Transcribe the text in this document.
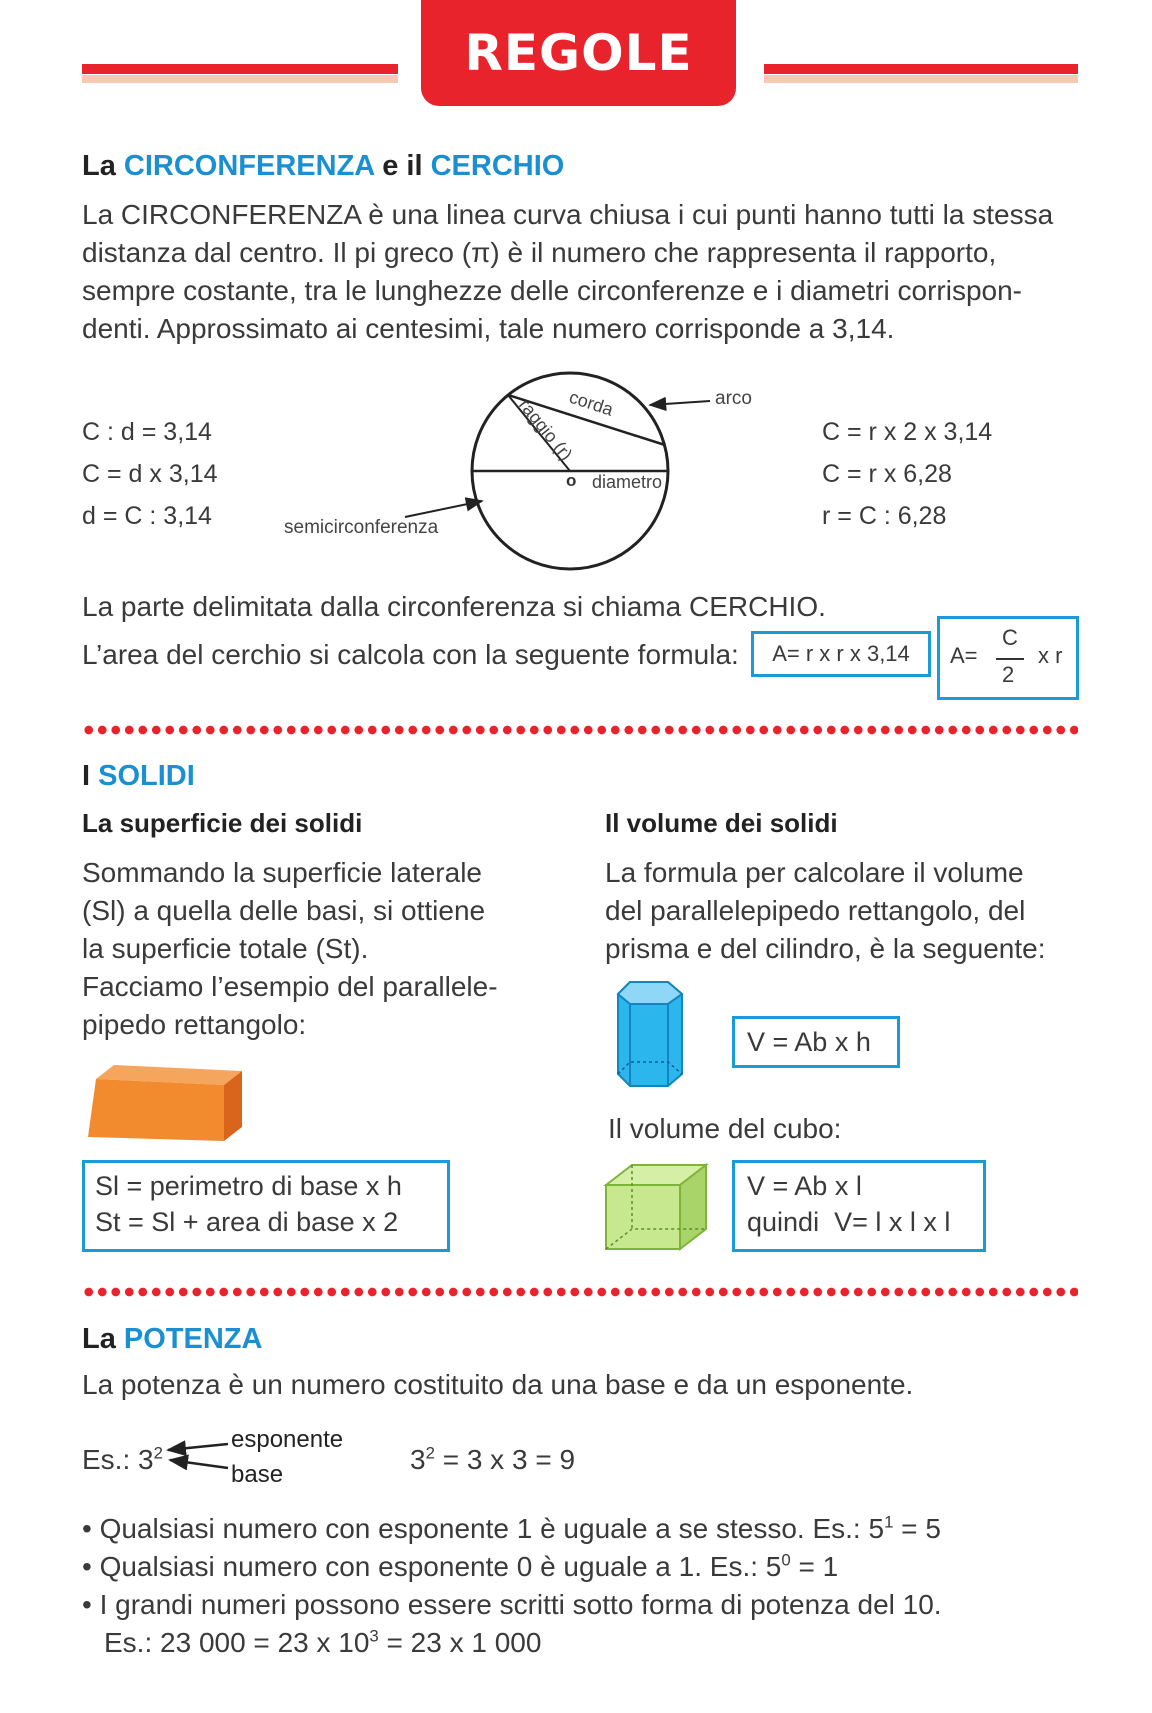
REGOLE
La CIRCONFERENZA e il CERCHIO
La CIRCONFERENZA è una linea curva chiusa i cui punti hanno tutti la stessa
distanza dal centro. Il pi greco (π) è il numero che rappresenta il rapporto,
sempre costante, tra le lunghezze delle circonferenze e i diametri corrispon-
denti. Approssimato ai centesimi, tale numero corrisponde a 3,14.
C : d = 3,14
C = d x 3,14
d = C : 3,14
C = r x 2 x 3,14
C = r x 6,28
r = C : 6,28
corda
raggio (r)
o diametro
arco
semicirconferenza
La parte delimitata dalla circonferenza si chiama CERCHIO.
L’area del cerchio si calcola con la seguente formula:	A= r x r x 3,14	A=
C
2
x r
I SOLIDI
La superficie dei solidi
Sommando la superficie laterale
(Sl) a quella delle basi, si ottiene
la superficie totale (St).
Facciamo l’esempio del parallele-
pipedo rettangolo:
Sl = perimetro di base x h
St = Sl + area di base x 2
Il volume dei solidi
La formula per calcolare il volume
del parallelepipedo rettangolo, del
prisma e del cilindro, è la seguente:
V = Ab x h
Il volume del cubo:
V = Ab x l
quindi  V= l x l x l
La POTENZA
La potenza è un numero costituito da una base e da un esponente.
Es.: $3^2$
esponente
base	$3^2 = 3$ x 3 = 9
• Qualsiasi numero con esponente 1 è uguale a se stesso. Es.: $5^1 = 5$
• Qualsiasi numero con esponente 0 è uguale a 1. Es.: $5^0 = 1$
• I grandi numeri possono essere scritti sotto forma di potenza del 10.
Es.: 23 000 = 23 x $10^3 = 23$ x 1 000
